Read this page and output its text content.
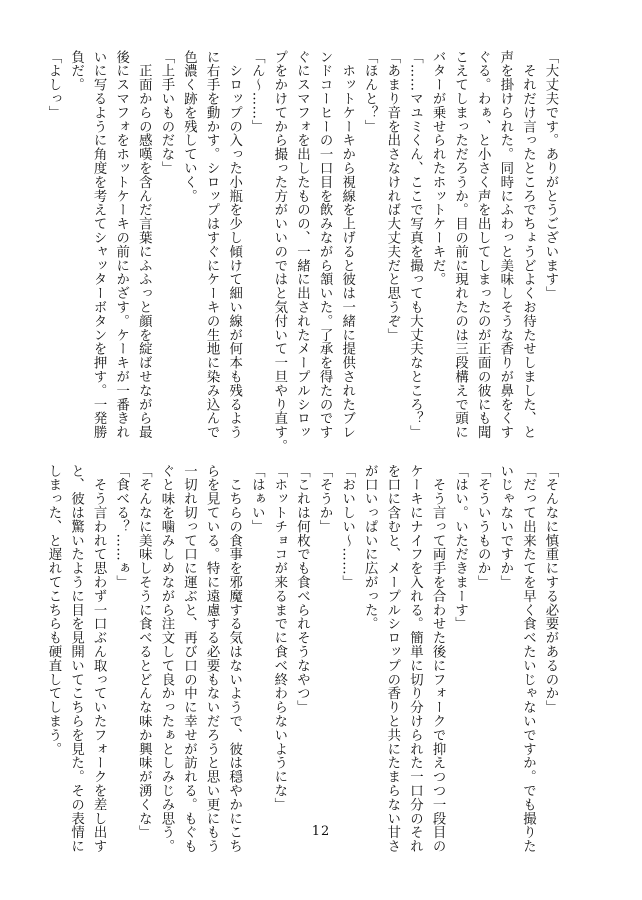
「大丈夫です。ありがとうございます」
　それだけ言ったところでちょうどよくお待たせしました、と
声を掛けられた。同時にふわっと美味しそうな香りが鼻をくす
ぐる。わぁ、と小さく声を出してしまったのが正面の彼にも聞
こえてしまっただろうか。目の前に現れたのは三段構えで頭に
バターが乗せられたホットケーキだ。
「……マユミくん、ここで写真を撮っても大丈夫なところ？」
「あまり音を出さなければ大丈夫だと思うぞ」
「ほんと？」
　ホットケーキから視線を上げると彼は一緒に提供されたブレ
ンドコーヒーの一口目を飲みながら頷いた。了承を得たのです
ぐにスマフォを出したものの、一緒に出されたメープルシロッ
プをかけてから撮った方がいいのではと気付いて一旦やり直す。
「ん〜……」
　シロップの入った小瓶を少し傾けて細い線が何本も残るよう
に右手を動かす。シロップはすぐにケーキの生地に染み込んで
色濃く跡を残していく。
「上手いものだな」
　正面からの感嘆を含んだ言葉にふふっと顔を綻ばせながら最
後にスマフォをホットケーキの前にかざす。ケーキが一番きれ
いに写るように角度を考えてシャッターボタンを押す。一発勝
負だ。
「よしっ」
「そんなに慎重にする必要があるのか」
「だって出来たてを早く食べたいじゃないですか。でも撮りた
いじゃないですか」
「そういうものか」
「はい。いただきまーす」
　そう言って両手を合わせた後にフォークで抑えつつ一段目の
ケーキにナイフを入れる。簡単に切り分けられた一口分のそれ
を口に含むと、メープルシロップの香りと共にたまらない甘さ
が口いっぱいに広がった。
「おいしい〜……」
「そうか」
「これは何枚でも食べられそうなやつ」
「ホットチョコが来るまでに食べ終わらないようにな」
「はぁい」
　こちらの食事を邪魔する気はないようで、彼は穏やかにこち
らを見ている。特に遠慮する必要もないだろうと思い更にもう
一切れ切って口に運ぶと、再び口の中に幸せが訪れる。もぐも
ぐと味を噛みしめながら注文して良かったぁとしみじみ思う。
「そんなに美味しそうに食べるとどんな味か興味が湧くな」
「食べる？……ぁ」
　そう言われて思わず一口ぶん取っていたフォークを差し出す
と、彼は驚いたように目を見開いてこちらを見た。その表情に
しまった、と遅れてこちらも硬直してしまう。
12
